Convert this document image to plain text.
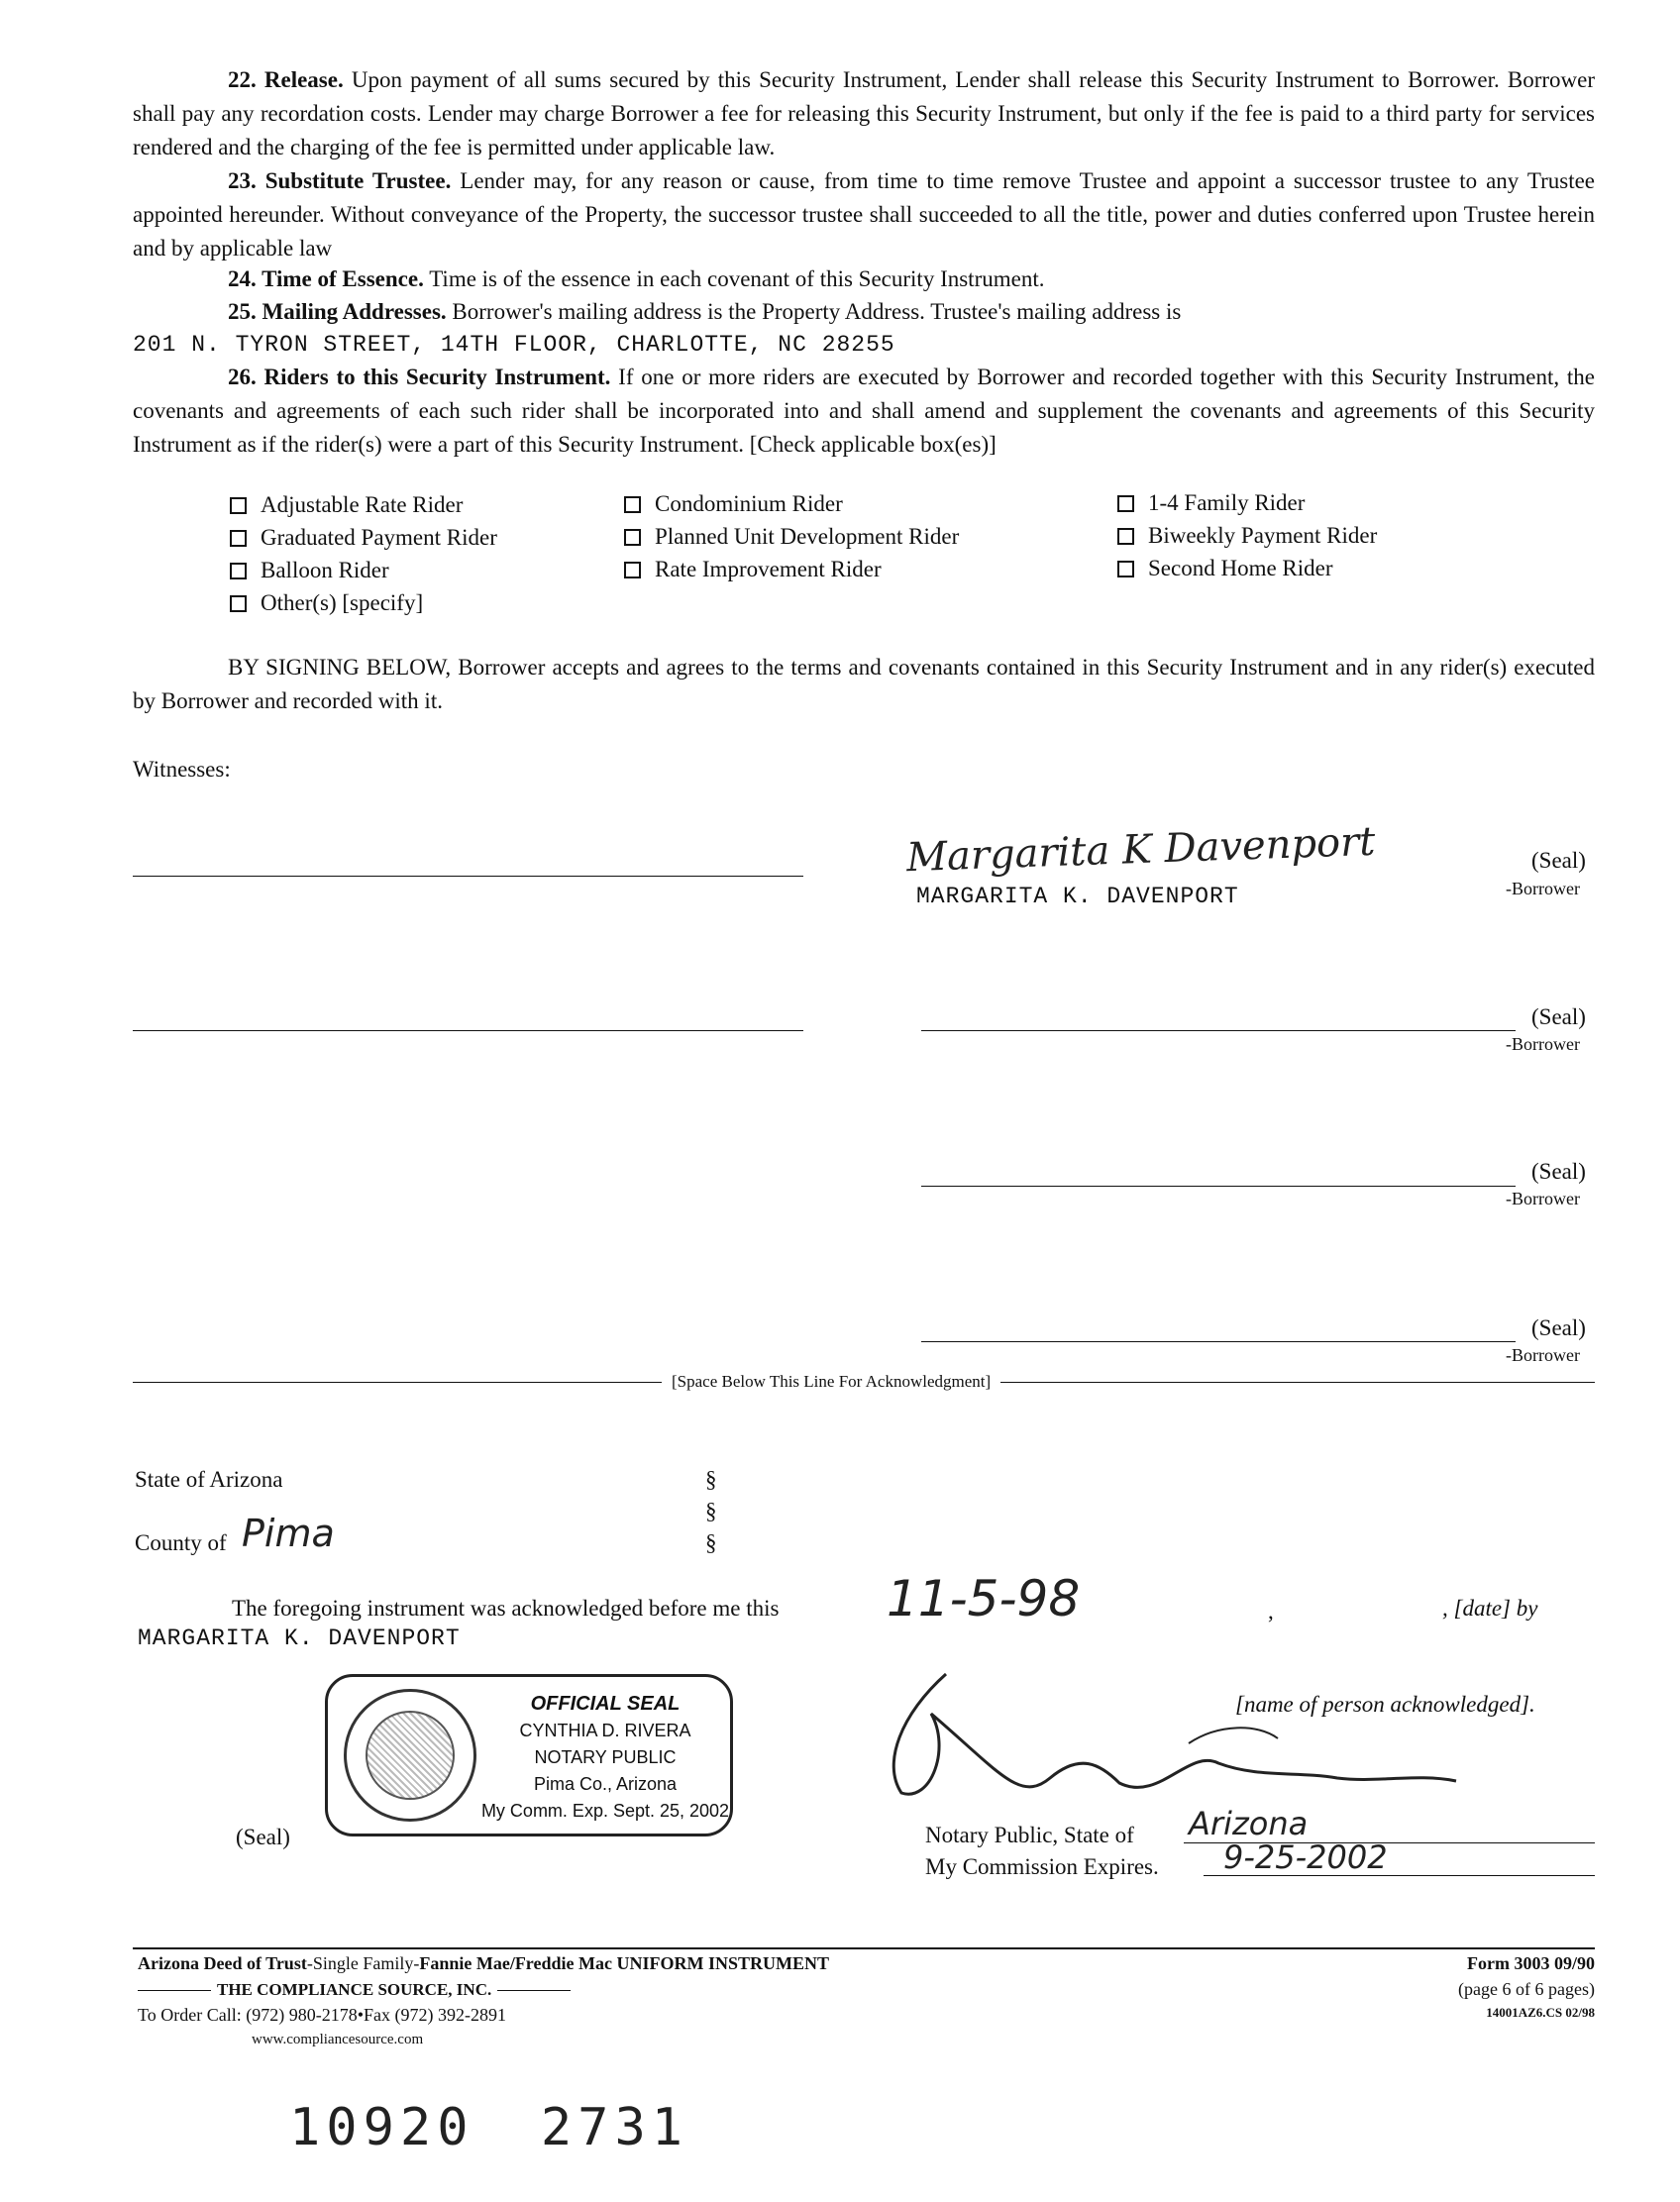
22. Release. Upon payment of all sums secured by this Security Instrument, Lender shall release this Security Instrument to Borrower. Borrower shall pay any recordation costs. Lender may charge Borrower a fee for releasing this Security Instrument, but only if the fee is paid to a third party for services rendered and the charging of the fee is permitted under applicable law.
23. Substitute Trustee. Lender may, for any reason or cause, from time to time remove Trustee and appoint a successor trustee to any Trustee appointed hereunder. Without conveyance of the Property, the successor trustee shall succeeded to all the title, power and duties conferred upon Trustee herein and by applicable law
24. Time of Essence. Time is of the essence in each covenant of this Security Instrument.
25. Mailing Addresses. Borrower's mailing address is the Property Address. Trustee's mailing address is
201 N. TYRON STREET, 14TH FLOOR, CHARLOTTE, NC 28255
26. Riders to this Security Instrument. If one or more riders are executed by Borrower and recorded together with this Security Instrument, the covenants and agreements of each such rider shall be incorporated into and shall amend and supplement the covenants and agreements of this Security Instrument as if the rider(s) were a part of this Security Instrument. [Check applicable box(es)]
Adjustable Rate Rider
Graduated Payment Rider
Balloon Rider
Other(s) [specify]
Condominium Rider
Planned Unit Development Rider
Rate Improvement Rider
1-4 Family Rider
Biweekly Payment Rider
Second Home Rider
BY SIGNING BELOW, Borrower accepts and agrees to the terms and covenants contained in this Security Instrument and in any rider(s) executed by Borrower and recorded with it.
Witnesses:
Margarita K Davenport	(Seal)
MARGARITA K. DAVENPORT	-Borrower
(Seal)
-Borrower
(Seal)
-Borrower
(Seal)
-Borrower
[Space Below This Line For Acknowledgment]
State of Arizona
County of Pima
§
§
§
The foregoing instrument was acknowledged before me this 11-5-98	,	, [date] by
MARGARITA K. DAVENPORT
OFFICIAL SEAL
CYNTHIA D. RIVERA
NOTARY PUBLIC
Pima Co., Arizona
My Comm. Exp. Sept. 25, 2002
(Seal)
[name of person acknowledged].
Notary Public, State of Arizona
My Commission Expires. 9-25-2002
Arizona Deed of Trust-Single Family-Fannie Mae/Freddie Mac UNIFORM INSTRUMENT
THE COMPLIANCE SOURCE, INC.
To Order Call: (972) 980-2178•Fax (972) 392-2891
www.compliancesource.com
Form 3003 09/90
(page 6 of 6 pages)
14001AZ6.CS 02/98
10920 2731
